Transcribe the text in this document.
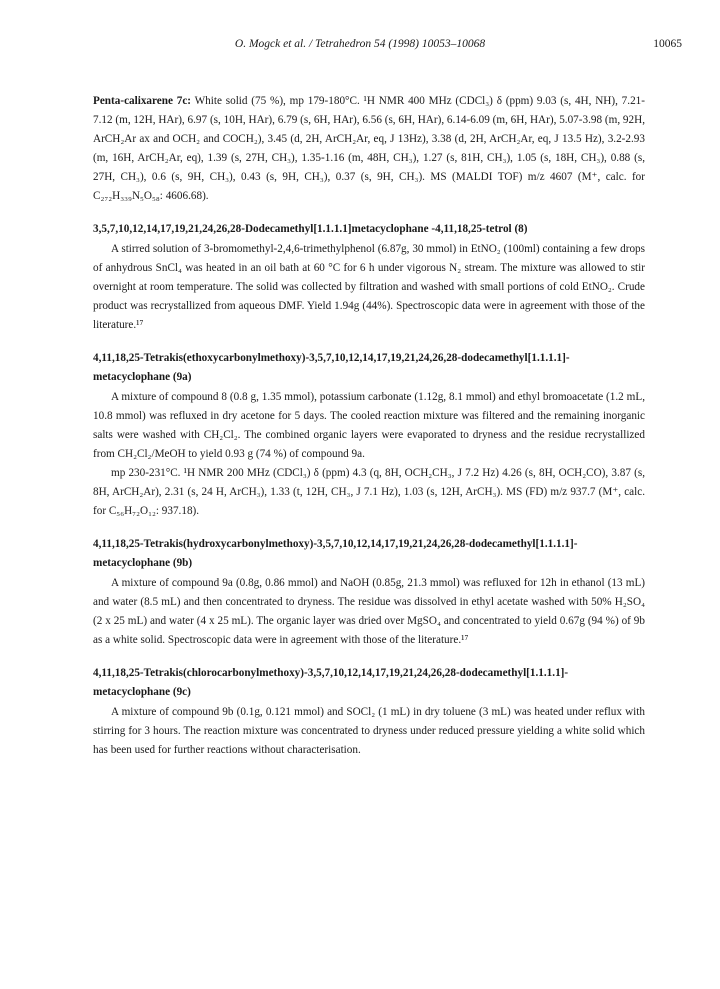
O. Mogck et al. / Tetrahedron 54 (1998) 10053–10068	10065

Penta-calixarene 7c: White solid (75 %), mp 179-180°C. ¹H NMR 400 MHz (CDCl₃) δ (ppm) 9.03 (s, 4H, NH), 7.21-7.12 (m, 12H, HAr), 6.97 (s, 10H, HAr), 6.79 (s, 6H, HAr), 6.56 (s, 6H, HAr), 6.14-6.09 (m, 6H, HAr), 5.07-3.98 (m, 92H, ArCH₂Ar ax and OCH₂ and COCH₂), 3.45 (d, 2H, ArCH₂Ar, eq, J 13Hz), 3.38 (d, 2H, ArCH₂Ar, eq, J 13.5 Hz), 3.2-2.93 (m, 16H, ArCH₂Ar, eq), 1.39 (s, 27H, CH₃), 1.35-1.16 (m, 48H, CH₃), 1.27 (s, 81H, CH₃), 1.05 (s, 18H, CH₃), 0.88 (s, 27H, CH₃), 0.6 (s, 9H, CH₃), 0.43 (s, 9H, CH₃), 0.37 (s, 9H, CH₃). MS (MALDI TOF) m/z 4607 (M⁺, calc. for C₂₇₂H₃₃₉N₅O₅₈: 4606.68).

3,5,7,10,12,14,17,19,21,24,26,28-Dodecamethyl[1.1.1.1]metacyclophane -4,11,18,25-tetrol (8)

A stirred solution of 3-bromomethyl-2,4,6-trimethylphenol (6.87g, 30 mmol) in EtNO₂ (100ml) containing a few drops of anhydrous SnCl₄ was heated in an oil bath at 60 °C for 6 h under vigorous N₂ stream. The mixture was allowed to stir overnight at room temperature. The solid was collected by filtration and washed with small portions of cold EtNO₂. Crude product was recrystallized from aqueous DMF. Yield 1.94g (44%). Spectroscopic data were in agreement with those of the literature.¹⁷

4,11,18,25-Tetrakis(ethoxycarbonylmethoxy)-3,5,7,10,12,14,17,19,21,24,26,28-dodecamethyl[1.1.1.1]-metacyclophane (9a)

A mixture of compound 8 (0.8 g, 1.35 mmol), potassium carbonate (1.12g, 8.1 mmol) and ethyl bromoacetate (1.2 mL, 10.8 mmol) was refluxed in dry acetone for 5 days. The cooled reaction mixture was filtered and the remaining inorganic salts were washed with CH₂Cl₂. The combined organic layers were evaporated to dryness and the residue recrystallized from CH₂Cl₂/MeOH to yield 0.93 g (74 %) of compound 9a.

mp 230-231°C. ¹H NMR 200 MHz (CDCl₃) δ (ppm) 4.3 (q, 8H, OCH₂CH₃, J 7.2 Hz) 4.26 (s, 8H, OCH₂CO), 3.87 (s, 8H, ArCH₂Ar), 2.31 (s, 24 H, ArCH₃), 1.33 (t, 12H, CH₃, J 7.1 Hz), 1.03 (s, 12H, ArCH₃). MS (FD) m/z 937.7 (M⁺, calc. for C₅₆H₇₂O₁₂: 937.18).

4,11,18,25-Tetrakis(hydroxycarbonylmethoxy)-3,5,7,10,12,14,17,19,21,24,26,28-dodecamethyl[1.1.1.1]-metacyclophane (9b)

A mixture of compound 9a (0.8g, 0.86 mmol) and NaOH (0.85g, 21.3 mmol) was refluxed for 12h in ethanol (13 mL) and water (8.5 mL) and then concentrated to dryness. The residue was dissolved in ethyl acetate washed with 50% H₂SO₄ (2 x 25 mL) and water (4 x 25 mL). The organic layer was dried over MgSO₄ and concentrated to yield 0.67g (94 %) of 9b as a white solid. Spectroscopic data were in agreement with those of the literature.¹⁷

4,11,18,25-Tetrakis(chlorocarbonylmethoxy)-3,5,7,10,12,14,17,19,21,24,26,28-dodecamethyl[1.1.1.1]-metacyclophane (9c)

A mixture of compound 9b (0.1g, 0.121 mmol) and SOCl₂ (1 mL) in dry toluene (3 mL) was heated under reflux with stirring for 3 hours. The reaction mixture was concentrated to dryness under reduced pressure yielding a white solid which has been used for further reactions without characterisation.
